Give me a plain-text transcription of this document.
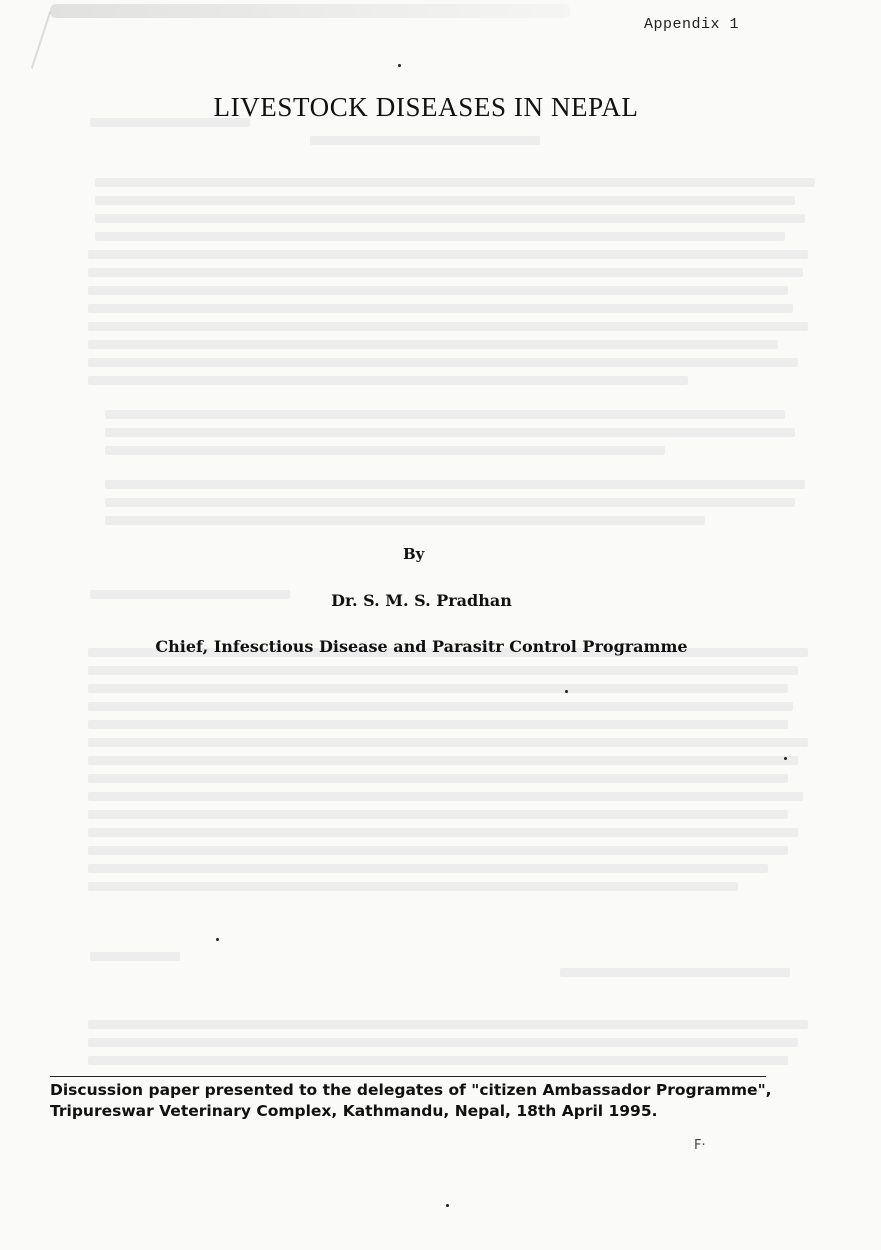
Appendix 1
LIVESTOCK DISEASES IN NEPAL
By
Dr. S. M. S. Pradhan
Chief, Infesctious Disease and Parasitr Control Programme
Discussion paper presented to the delegates of "citizen Ambassador Programme",
Tripureswar Veterinary Complex, Kathmandu, Nepal, 18th April 1995.
F·
